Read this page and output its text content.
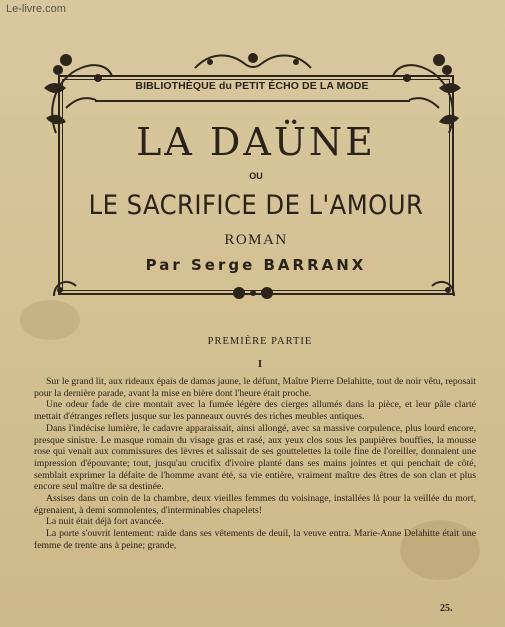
Le-livre.com
BIBLIOTHÈQUE du PETIT ÉCHO DE LA MODE
LA DAÜNE
OU
LE SACRIFICE DE L'AMOUR
ROMAN
Par Serge BARRANX
PREMIÈRE PARTIE
I

Sur le grand lit, aux rideaux épais de damas jaune, le défunt, Maître Pierre Delahitte, tout de noir vêtu, reposait pour la dernière parade, avant la mise en bière dont l'heure était proche.

Une odeur fade de cire montait avec la fumée légère des cierges allumés dans la pièce, et leur pâle clarté mettait d'étranges reflets jusque sur les panneaux ouvrés des riches meubles antiques.

Dans l'indécise lumière, le cadavre apparaissait, ainsi allongé, avec sa massive corpulence, plus lourd encore, presque sinistre. Le masque romain du visage gras et rasé, aux yeux clos sous les paupières bouffies, la mousse rose qui venait aux commissures des lèvres et salissait de ses gouttelettes la toile fine de l'oreiller, donnaient une impression d'épouvante; tout, jusqu'au crucifix d'ivoire planté dans ses mains jointes et qui penchait de côté, semblait exprimer la défaite de l'homme avant été, sa vie entière, vraiment maître des êtres de son clan et plus encore seul maître de sa destinée.

Assises dans un coin de la chambre, deux vieilles femmes du voisinage, installées là pour la veillée du mort, égrenaient, à demi somnolentes, d'interminables chapelets!

La nuit était déjà fort avancée.

La porte s'ouvrit lentement: raide dans ses vêtements de deuil, la veuve entra. Marie-Anne Delahitte était une femme de trente ans à peine; grande,

25.
